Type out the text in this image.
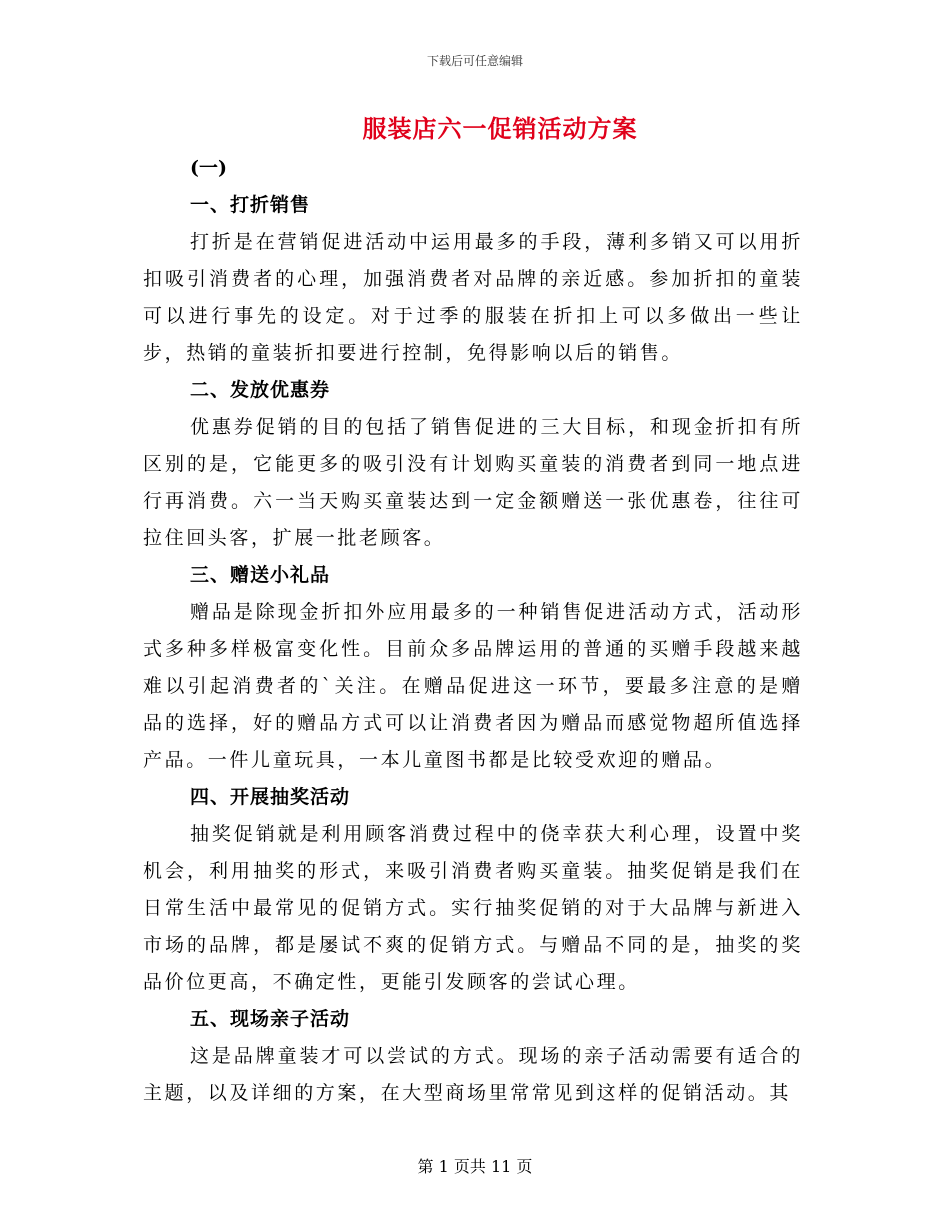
下载后可任意编辑
服装店六一促销活动方案
(一)
一、打折销售

打折是在营销促进活动中运用最多的手段，薄利多销又可以用折扣吸引消费者的心理，加强消费者对品牌的亲近感。参加折扣的童装可以进行事先的设定。对于过季的服装在折扣上可以多做出一些让步，热销的童装折扣要进行控制，免得影响以后的销售。

二、发放优惠券

优惠券促销的目的包括了销售促进的三大目标，和现金折扣有所区别的是，它能更多的吸引没有计划购买童装的消费者到同一地点进行再消费。六一当天购买童装达到一定金额赠送一张优惠卷，往往可拉住回头客，扩展一批老顾客。

三、赠送小礼品

赠品是除现金折扣外应用最多的一种销售促进活动方式，活动形式多种多样极富变化性。目前众多品牌运用的普通的买赠手段越来越难以引起消费者的`关注。在赠品促进这一环节，要最多注意的是赠品的选择，好的赠品方式可以让消费者因为赠品而感觉物超所值选择产品。一件儿童玩具，一本儿童图书都是比较受欢迎的赠品。

四、开展抽奖活动

抽奖促销就是利用顾客消费过程中的侥幸获大利心理，设置中奖机会，利用抽奖的形式，来吸引消费者购买童装。抽奖促销是我们在日常生活中最常见的促销方式。实行抽奖促销的对于大品牌与新进入市场的品牌，都是屡试不爽的促销方式。与赠品不同的是，抽奖的奖品价位更高，不确定性，更能引发顾客的尝试心理。

五、现场亲子活动

这是品牌童装才可以尝试的方式。现场的亲子活动需要有适合的主题，以及详细的方案，在大型商场里常常见到这样的促销活动。其

第 1 页共 11 页
